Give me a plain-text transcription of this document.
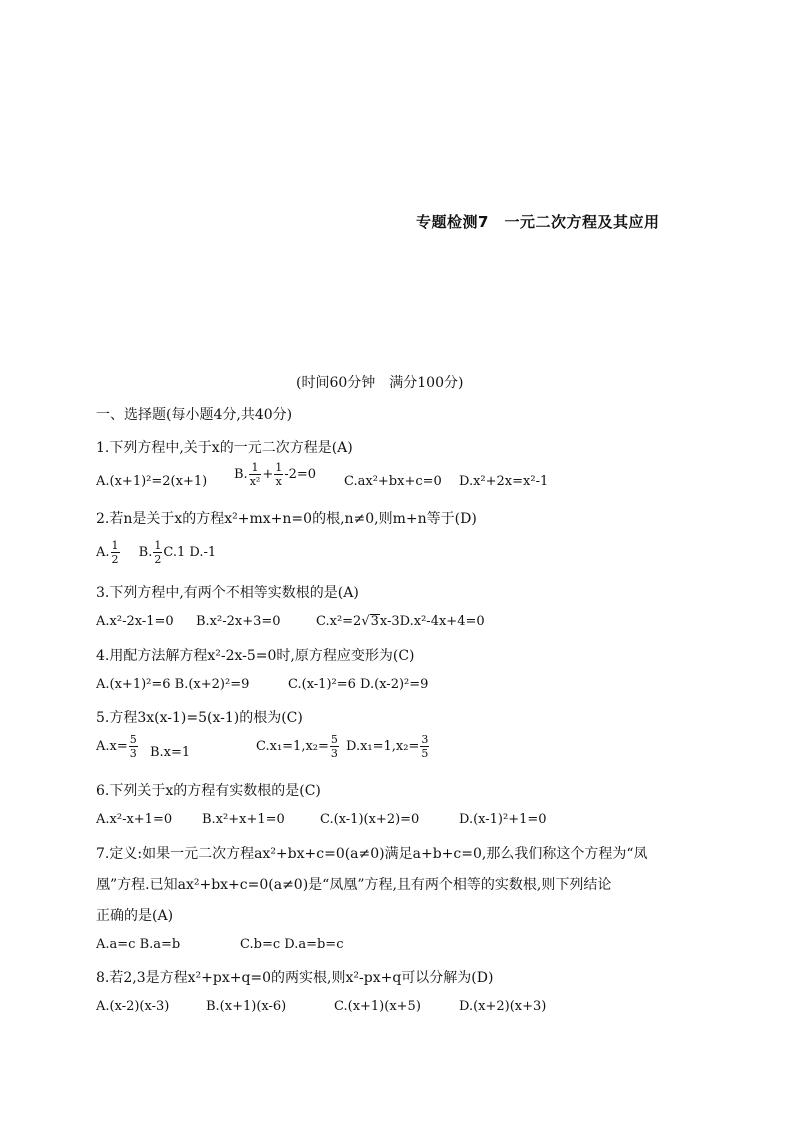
专题检测7　一元二次方程及其应用
(时间60分钟　满分100分)
一、选择题(每小题4分,共40分)
1.下列方程中,关于x的一元二次方程是(A)
A.(x+1)²=2(x+1) B. $\frac{1}{\text{x²}} + \frac{1}{x} -2=0$ C.ax²+bx+c=0 D.x²+2x=x²-1
2.若n是关于x的方程x²+mx+n=0的根,n≠0,则m+n等于(D)
A. $\frac{1}{2} B$. $\frac{1}{2} C.1$ D.-1
3.下列方程中,有两个不相等实数根的是(A)
A.x²-2x-1=0 B.x²-2x+3=0	C.x²=2√3x-3D.x²-4x+4=0
4.用配方法解方程x²-2x-5=0时,原方程应变形为(C)
A.(x+1)²=6 B.(x+2)²=9	C.(x-1)²=6 D.(x-2)²=9
5.方程3x(x-1)=5(x-1)的根为(C)
$A.x= \frac{5}{3} B.x=1$	$C.x_1=1,x_2= \frac{5}{3} D.x_1=1,x_2= \frac{3}{5}$
6.下列关于x的方程有实数根的是(C)
A.x²-x+1=0 B.x²+x+1=0	C.(x-1)(x+2)=0	D.(x-1)²+1=0
7.定义:如果一元二次方程ax²+bx+c=0(a≠0)满足a+b+c=0,那么我们称这个方程为“凤
凰”方程.已知ax²+bx+c=0(a≠0)是“凤凰”方程,且有两个相等的实数根,则下列结论
正确的是(A)
A.a=c B.a=b	C.b=c D.a=b=c
8.若2,3是方程x²+px+q=0的两实根,则x²-px+q可以分解为(D)
A.(x-2)(x-3)	B.(x+1)(x-6)	C.(x+1)(x+5)	D.(x+2)(x+3)
